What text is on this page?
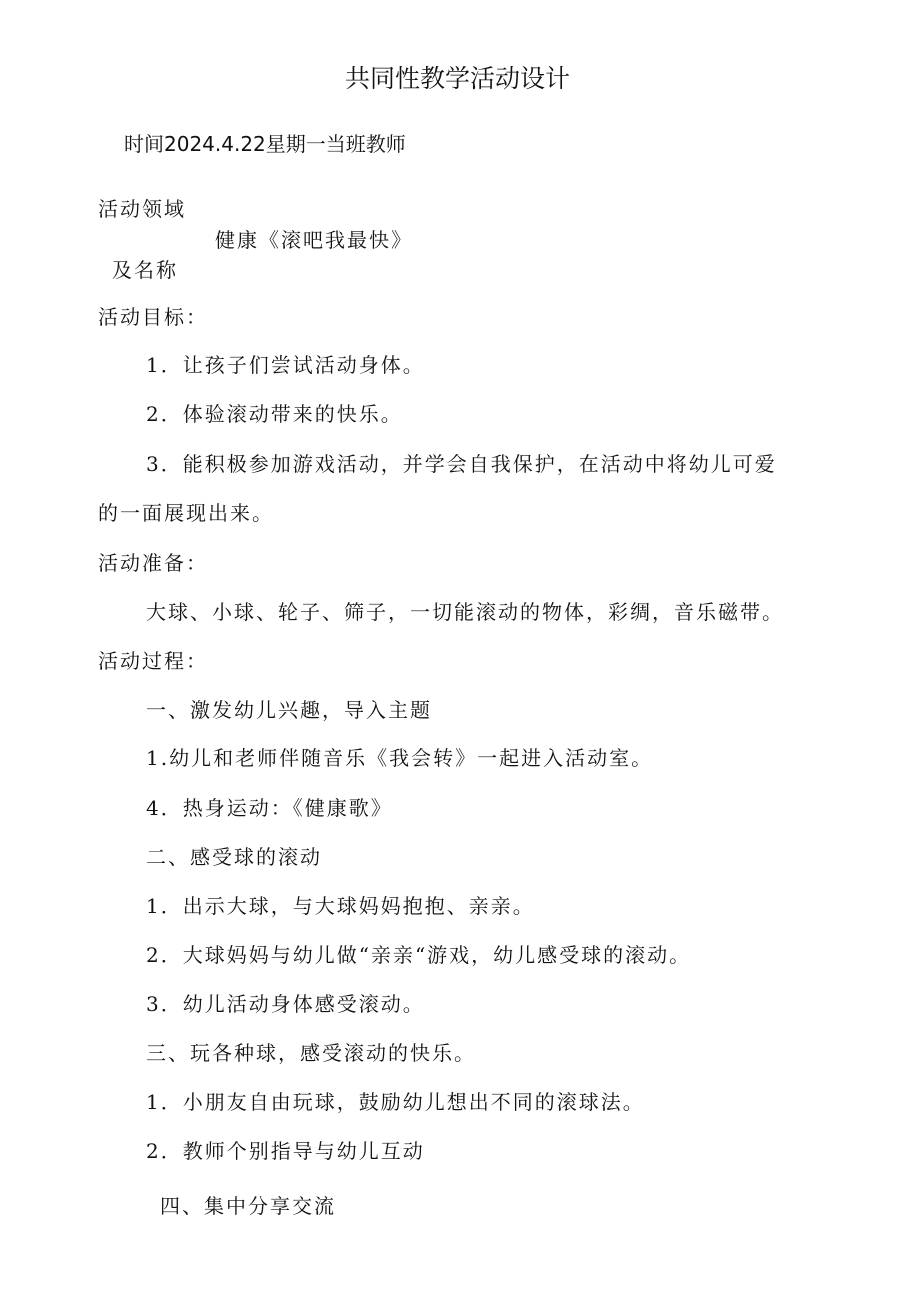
共同性教学活动设计
时间2024.4.22星期一当班教师
活动领域
健康《滚吧我最快》
及名称
活动目标：
1．让孩子们尝试活动身体。
2．体验滚动带来的快乐。
3．能积极参加游戏活动，并学会自我保护，在活动中将幼儿可爱
的一面展现出来。
活动准备：
大球、小球、轮子、筛子，一切能滚动的物体，彩绸，音乐磁带。
活动过程：
一、激发幼儿兴趣，导入主题
1.幼儿和老师伴随音乐《我会转》一起进入活动室。
4．热身运动：《健康歌》
二、感受球的滚动
1．出示大球，与大球妈妈抱抱、亲亲。
2．大球妈妈与幼儿做“亲亲“游戏，幼儿感受球的滚动。
3．幼儿活动身体感受滚动。
三、玩各种球，感受滚动的快乐。
1．小朋友自由玩球，鼓励幼儿想出不同的滚球法。
2．教师个别指导与幼儿互动
四、集中分享交流
